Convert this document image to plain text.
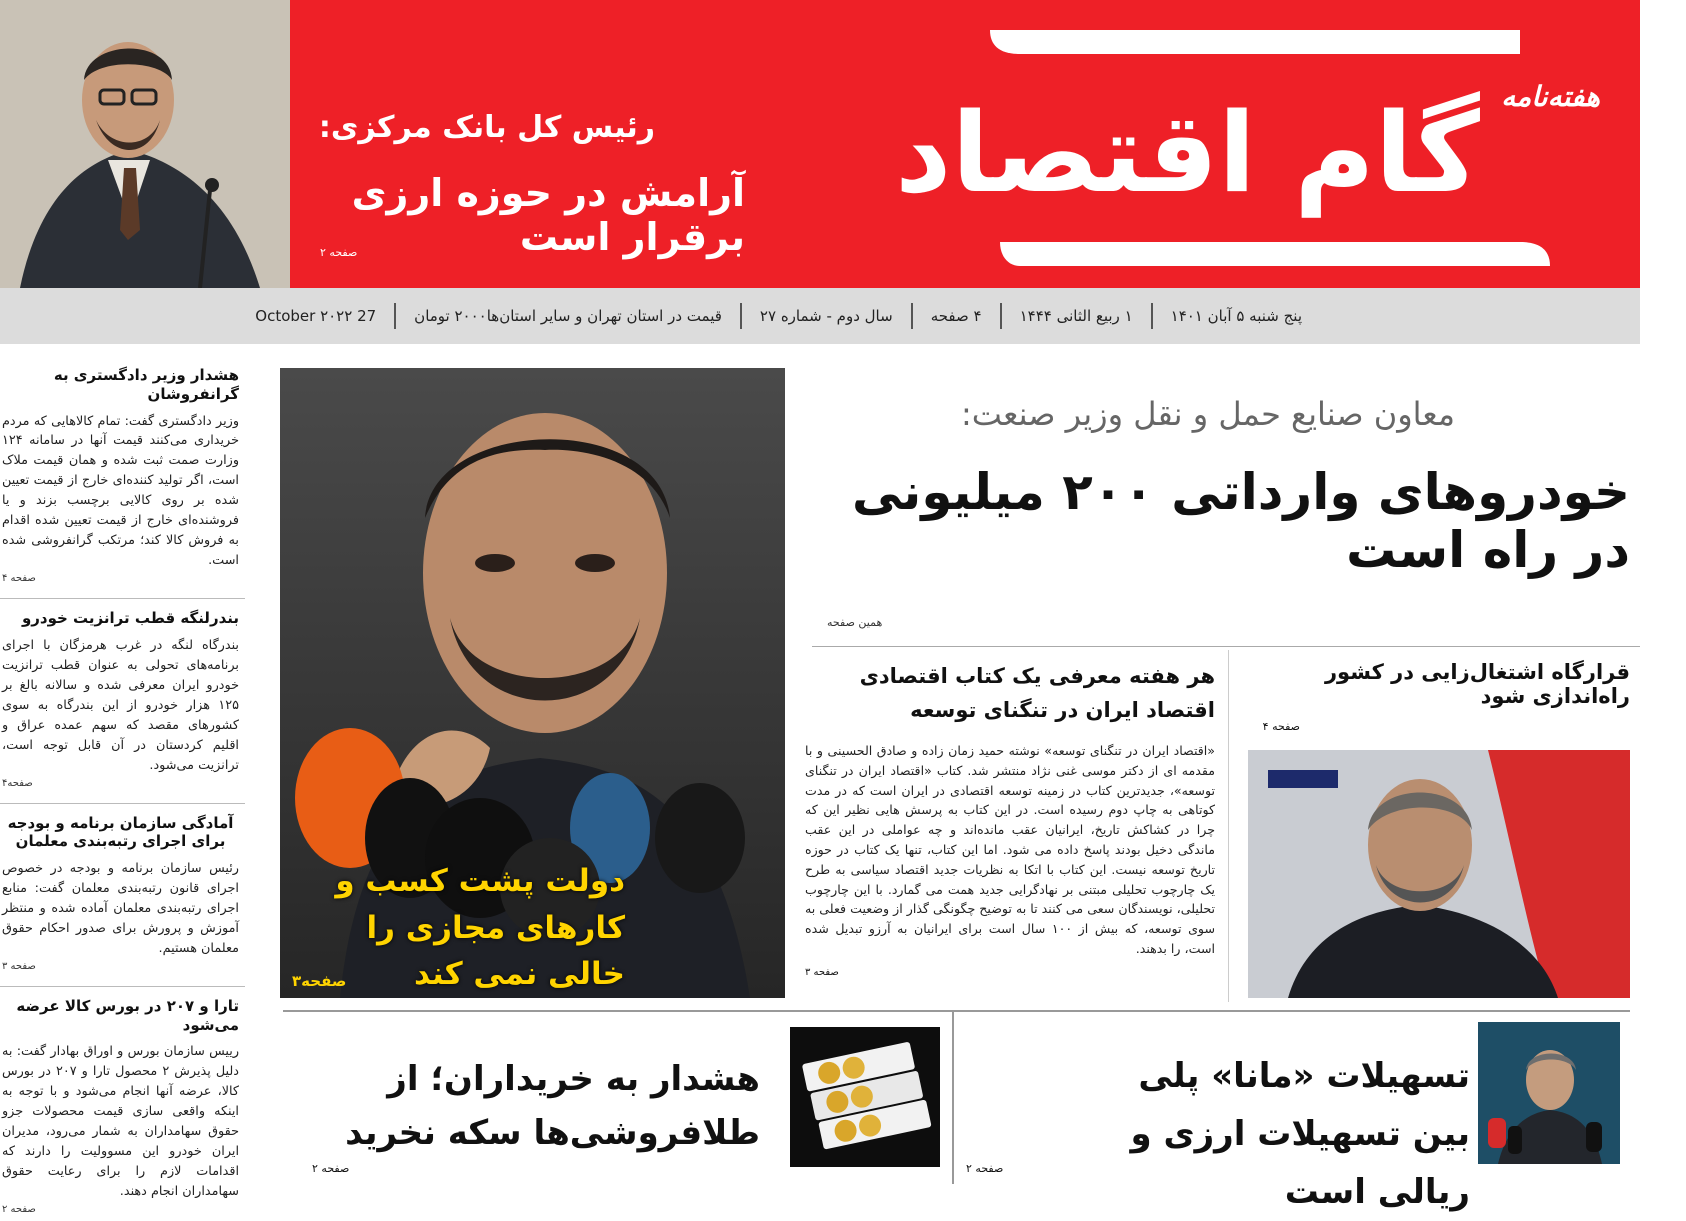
رئیس کل بانک مرکزی:
آرامش در حوزه ارزی برقرار است
صفحه ۲
هفته‌نامه
گام اقتصاد
پنج شنبه ۵ آبان ۱۴۰۱
۱ ربیع الثانی ۱۴۴۴
۴ صفحه
سال دوم - شماره ۲۷
قیمت در استان تهران و سایر استان‌ها۲۰۰۰ تومان
27 October ۲۰۲۲
هشدار وزیر دادگستری به گرانفروشان
وزیر دادگستری گفت: تمام کالاهایی که مردم خریداری می‌کنند قیمت آنها در سامانه ۱۲۴ وزارت صمت ثبت شده و همان قیمت ملاک است، اگر تولید کننده‌ای خارج از قیمت تعیین شده بر روی کالایی برچسب بزند و یا فروشنده‌ای خارج از قیمت تعیین شده اقدام به فروش کالا کند؛ مرتکب گرانفروشی شده است.
صفحه ۴
بندرلنگه قطب ترانزیت خودرو
بندرگاه لنگه در غرب هرمزگان با اجرای برنامه‌های تحولی به عنوان قطب ترانزیت خودرو ایران معرفی شده و سالانه بالغ بر ۱۲۵ هزار خودرو از این بندرگاه به سوی کشورهای مقصد که سهم عمده عراق و اقلیم کردستان در آن قابل توجه است، ترانزیت می‌شود.
صفحه۴
آمادگی سازمان برنامه و بودجه برای اجرای رتبه‌بندی معلمان
رئیس سازمان برنامه و بودجه در خصوص اجرای قانون رتبه‌بندی معلمان گفت: منابع اجرای رتبه‌بندی معلمان آماده شده و منتظر آموزش و پرورش برای صدور احکام حقوق معلمان هستیم.
صفحه ۳
تارا و ۲۰۷ در بورس کالا عرضه می‌شود
رییس سازمان بورس و اوراق بهادار گفت: به دلیل پذیرش ۲ محصول تارا و ۲۰۷ در بورس کالا، عرضه آنها انجام می‌شود و با توجه به اینکه واقعی سازی قیمت محصولات جزو حقوق سهامداران به شمار می‌رود، مدیران ایران خودرو این مسوولیت را دارند که اقدامات لازم را برای رعایت حقوق سهامداران انجام دهند.
صفحه ۲
دولت پشت کسب و کارهای مجازی را خالی نمی کند
صفحه۳
معاون صنایع حمل و نقل وزیر صنعت:
خودروهای وارداتی ۲۰۰ میلیونی در راه است
همین صفحه
هر هفته معرفی یک کتاب اقتصادی اقتصاد ایران در تنگنای توسعه
«اقتصاد ایران در تنگنای توسعه» نوشته حمید زمان زاده و صادق الحسینی و با مقدمه ای از دکتر موسی غنی نژاد منتشر شد. کتاب «اقتصاد ایران در تنگنای توسعه»، جدیدترین کتاب در زمینه توسعه اقتصادی در ایران است که در مدت کوتاهی به چاپ دوم رسیده است. در این کتاب به پرسش هایی نظیر این که چرا در کشاکش تاریخ، ایرانیان عقب مانده‌اند و چه عواملی در این عقب ماندگی دخیل بودند پاسخ داده می شود. اما این کتاب، تنها یک کتاب در حوزه تاریخ توسعه نیست. این کتاب با اتکا به نظریات جدید اقتصاد سیاسی به طرح یک چارچوب تحلیلی مبتنی بر نهادگرایی جدید همت می گمارد. با این چارچوب تحلیلی، نویسندگان سعی می کنند تا به توضیح چگونگی گذار از وضعیت فعلی به سوی توسعه، که بیش از ۱۰۰ سال است برای ایرانیان به آرزو تبدیل شده است، را بدهند.
صفحه ۳
قرارگاه اشتغال‌زایی در کشور راه‌اندازی شود
صفحه ۴
هشدار به خریداران؛ از طلافروشی‌ها سکه نخرید
صفحه ۲
تسهیلات «مانا» پلی بین تسهیلات ارزی و ریالی است
صفحه ۲
